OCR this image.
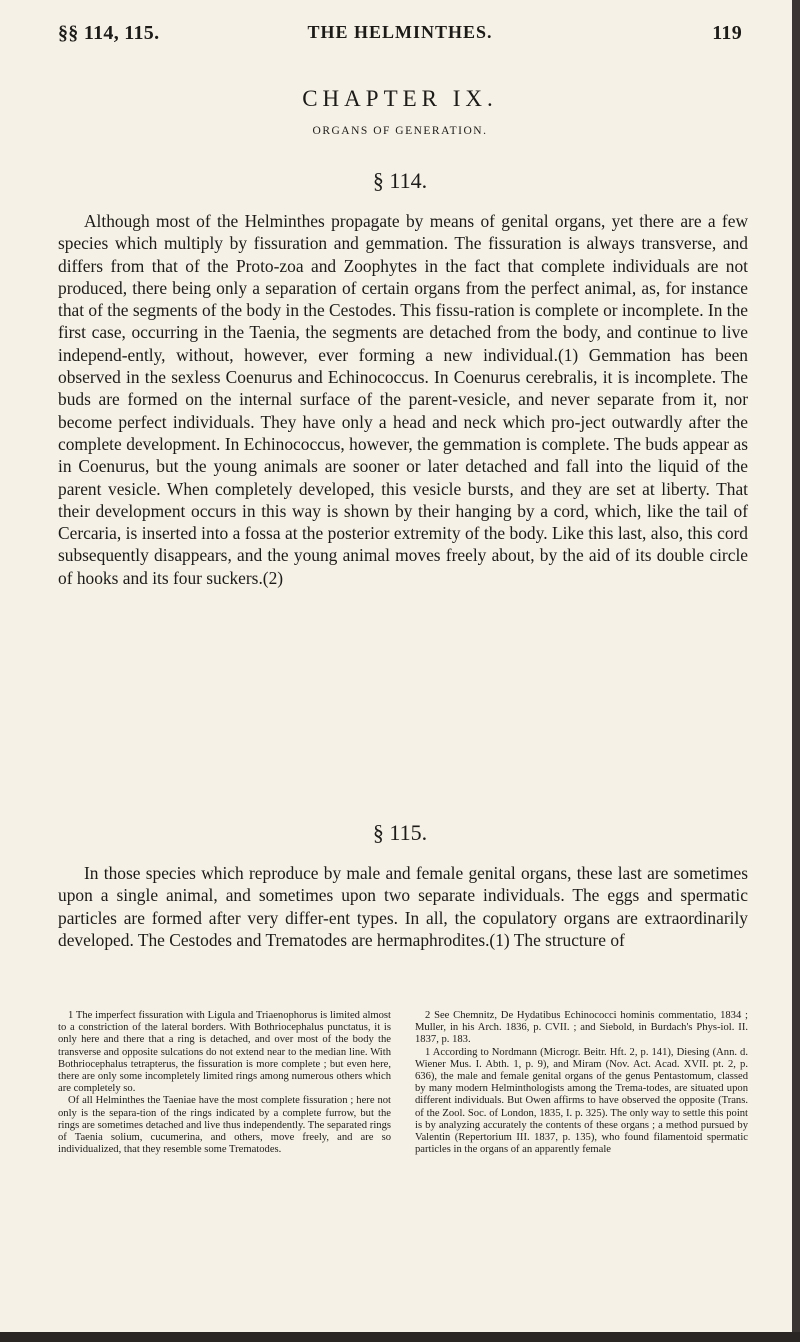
§§ 114, 115.	THE HELMINTHES.	119
CHAPTER IX.
ORGANS OF GENERATION.
§ 114.

Although most of the Helminthes propagate by means of genital organs, yet there are a few species which multiply by fissuration and gemmation. The fissuration is always transverse, and differs from that of the Proto-zoa and Zoophytes in the fact that complete individuals are not produced, there being only a separation of certain organs from the perfect animal, as, for instance that of the segments of the body in the Cestodes. This fissu-ration is complete or incomplete. In the first case, occurring in the Taenia, the segments are detached from the body, and continue to live independ-ently, without, however, ever forming a new individual.(1) Gemmation has been observed in the sexless Coenurus and Echinococcus. In Coenurus cerebralis, it is incomplete. The buds are formed on the internal surface of the parent-vesicle, and never separate from it, nor become perfect individuals. They have only a head and neck which pro-ject outwardly after the complete development. In Echinococcus, however, the gemmation is complete. The buds appear as in Coenurus, but the young animals are sooner or later detached and fall into the liquid of the parent vesicle. When completely developed, this vesicle bursts, and they are set at liberty. That their development occurs in this way is shown by their hanging by a cord, which, like the tail of Cercaria, is inserted into a fossa at the posterior extremity of the body. Like this last, also, this cord subsequently disappears, and the young animal moves freely about, by the aid of its double circle of hooks and its four suckers.(2)

§ 115.

In those species which reproduce by male and female genital organs, these last are sometimes upon a single animal, and sometimes upon two separate individuals. The eggs and spermatic particles are formed after very differ-ent types. In all, the copulatory organs are extraordinarily developed. The Cestodes and Trematodes are hermaphrodites.(1) The structure of

1 The imperfect fissuration with Ligula and Triaenophorus is limited almost to a constriction of the lateral borders. With Bothriocephalus punctatus, it is only here and there that a ring is detached, and over most of the body the transverse and opposite sulcations do not extend near to the median line. With Bothriocephalus tetrapterus, the fissuration is more complete ; but even here, there are only some incompletely limited rings among numerous others which are completely so.

Of all Helminthes the Taeniae have the most complete fissuration ; here not only is the separa-tion of the rings indicated by a complete furrow, but the rings are sometimes detached and live thus independently. The separated rings of Taenia solium, cucumerina, and others, move freely, and are so individualized, that they resemble some Trematodes.

2 See Chemnitz, De Hydatibus Echinococci hominis commentatio, 1834 ; Muller, in his Arch. 1836, p. CVII. ; and Siebold, in Burdach's Phys-iol. II. 1837, p. 183.

1 According to Nordmann (Microgr. Beitr. Hft. 2, p. 141), Diesing (Ann. d. Wiener Mus. I. Abth. 1, p. 9), and Miram (Nov. Act. Acad. XVII. pt. 2, p. 636), the male and female genital organs of the genus Pentastomum, classed by many modern Helminthologists among the Trema-todes, are situated upon different individuals. But Owen affirms to have observed the opposite (Trans. of the Zool. Soc. of London, 1835, I. p. 325). The only way to settle this point is by analyzing accurately the contents of these organs ; a method pursued by Valentin (Repertorium III. 1837, p. 135), who found filamentoid spermatic particles in the organs of an apparently female
